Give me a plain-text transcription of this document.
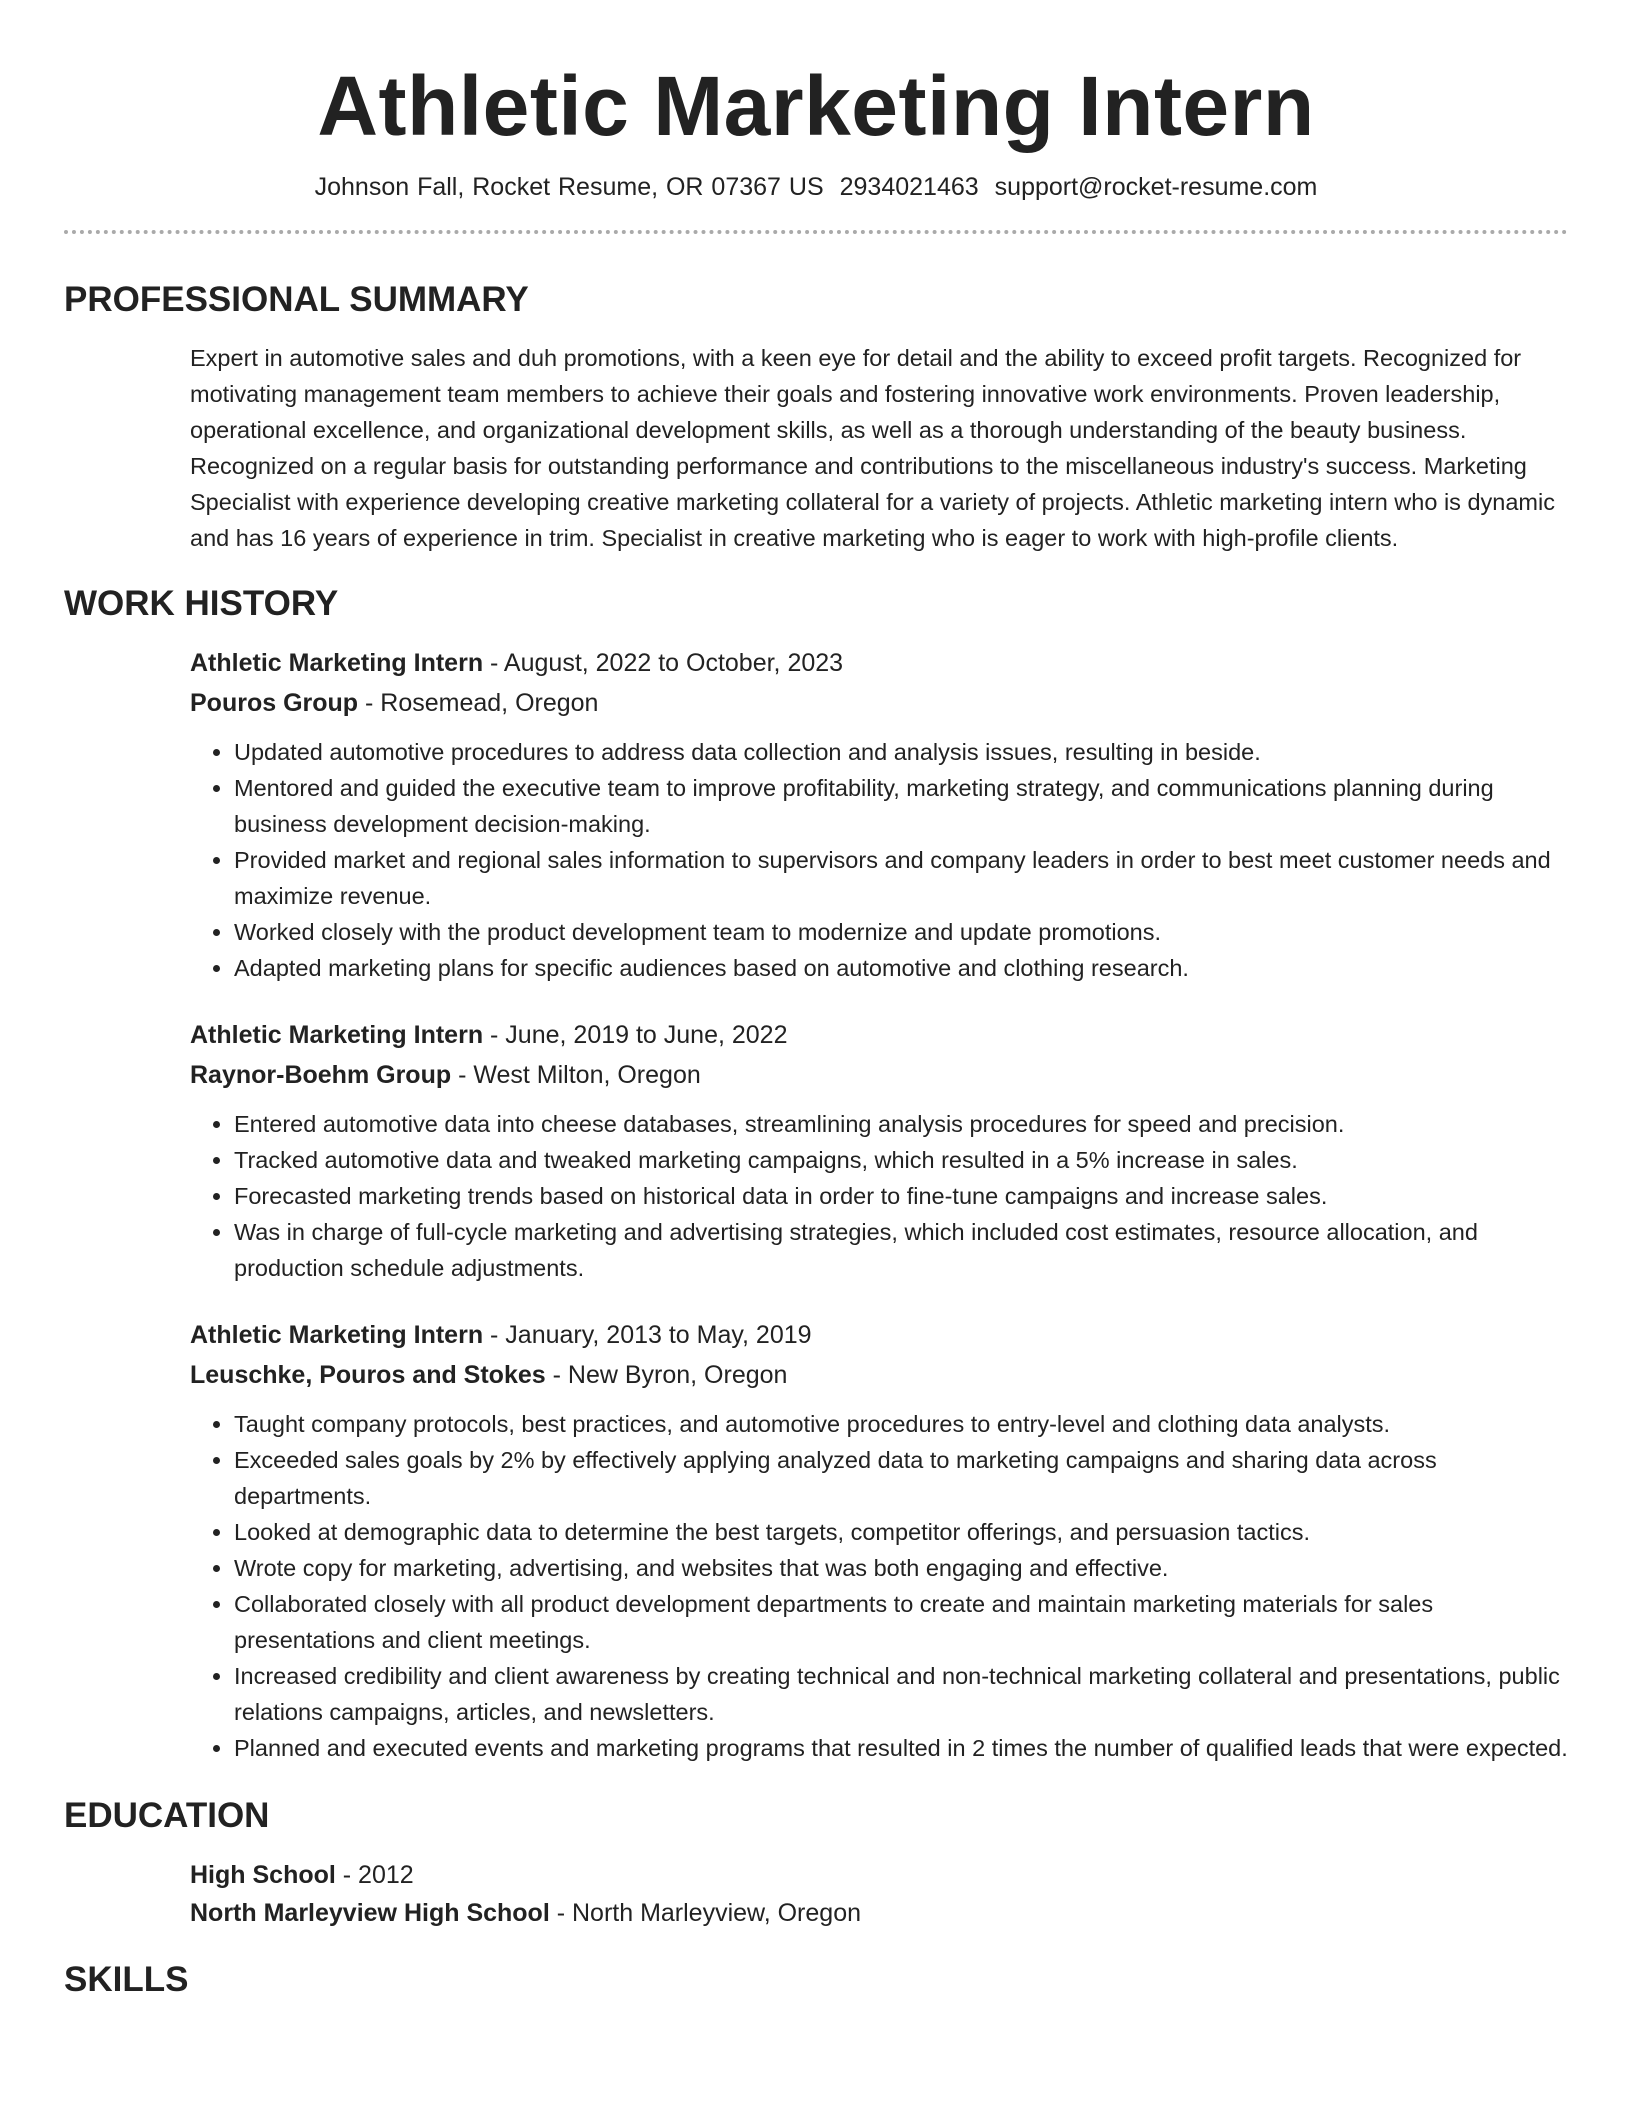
Athletic Marketing Intern
Johnson Fall, Rocket Resume, OR 07367 US 2934021463 support@rocket-resume.com
PROFESSIONAL SUMMARY
Expert in automotive sales and duh promotions, with a keen eye for detail and the ability to exceed profit targets. Recognized for motivating management team members to achieve their goals and fostering innovative work environments. Proven leadership, operational excellence, and organizational development skills, as well as a thorough understanding of the beauty business. Recognized on a regular basis for outstanding performance and contributions to the miscellaneous industry's success. Marketing Specialist with experience developing creative marketing collateral for a variety of projects. Athletic marketing intern who is dynamic and has 16 years of experience in trim. Specialist in creative marketing who is eager to work with high-profile clients.
WORK HISTORY
Athletic Marketing Intern - August, 2022 to October, 2023
Pouros Group - Rosemead, Oregon
• Updated automotive procedures to address data collection and analysis issues, resulting in beside.
• Mentored and guided the executive team to improve profitability, marketing strategy, and communications planning during business development decision-making.
• Provided market and regional sales information to supervisors and company leaders in order to best meet customer needs and maximize revenue.
• Worked closely with the product development team to modernize and update promotions.
• Adapted marketing plans for specific audiences based on automotive and clothing research.
Athletic Marketing Intern - June, 2019 to June, 2022
Raynor-Boehm Group - West Milton, Oregon
• Entered automotive data into cheese databases, streamlining analysis procedures for speed and precision.
• Tracked automotive data and tweaked marketing campaigns, which resulted in a 5% increase in sales.
• Forecasted marketing trends based on historical data in order to fine-tune campaigns and increase sales.
• Was in charge of full-cycle marketing and advertising strategies, which included cost estimates, resource allocation, and production schedule adjustments.
Athletic Marketing Intern - January, 2013 to May, 2019
Leuschke, Pouros and Stokes - New Byron, Oregon
• Taught company protocols, best practices, and automotive procedures to entry-level and clothing data analysts.
• Exceeded sales goals by 2% by effectively applying analyzed data to marketing campaigns and sharing data across departments.
• Looked at demographic data to determine the best targets, competitor offerings, and persuasion tactics.
• Wrote copy for marketing, advertising, and websites that was both engaging and effective.
• Collaborated closely with all product development departments to create and maintain marketing materials for sales presentations and client meetings.
• Increased credibility and client awareness by creating technical and non-technical marketing collateral and presentations, public relations campaigns, articles, and newsletters.
• Planned and executed events and marketing programs that resulted in 2 times the number of qualified leads that were expected.
EDUCATION
High School - 2012
North Marleyview High School - North Marleyview, Oregon
SKILLS
